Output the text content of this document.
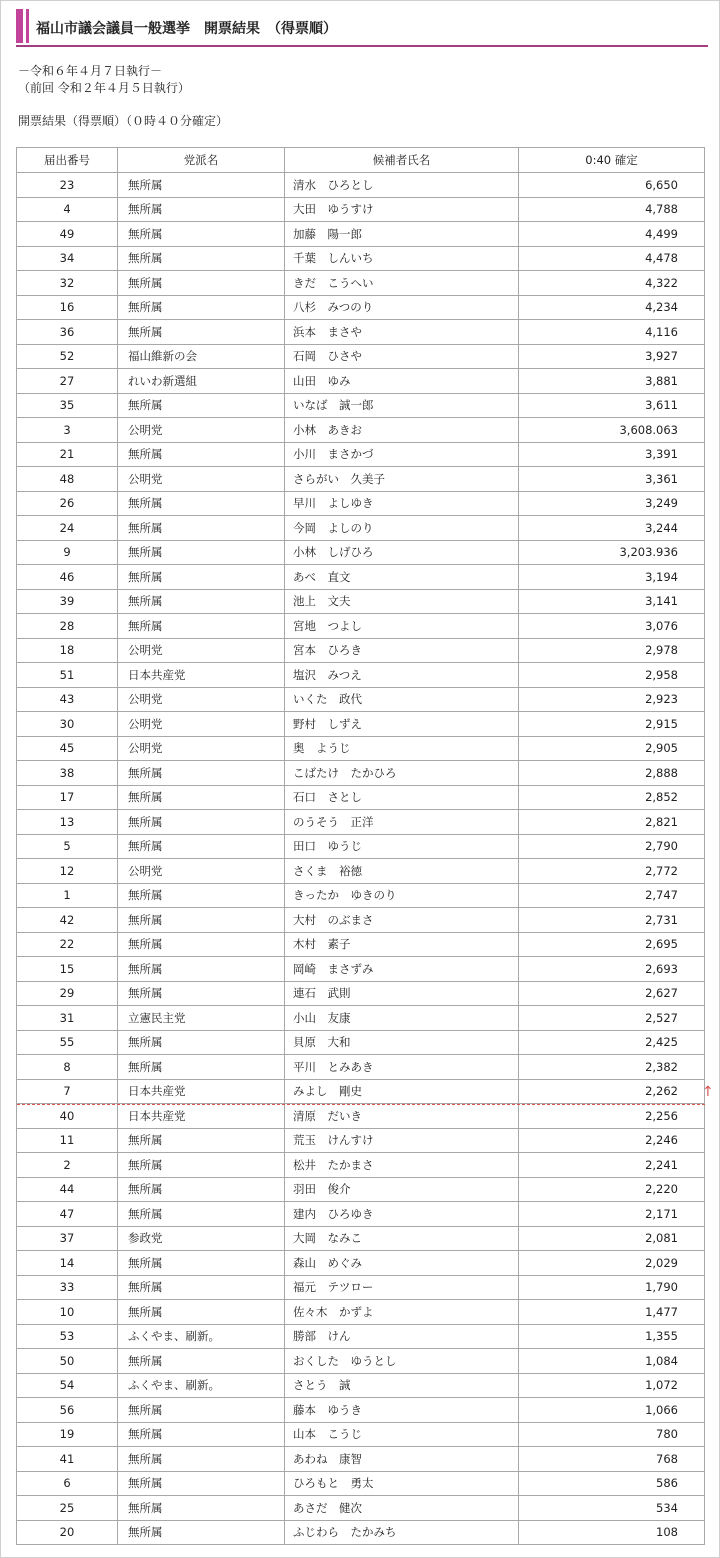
福山市議会議員一般選挙　開票結果　（得票順）
－令和６年４月７日執行－
（前回 令和２年４月５日執行）
開票結果（得票順）（０時４０分確定）
届出番号	党派名	候補者氏名	0:40 確定
23	無所属	清水　ひろとし	6,650
4	無所属	大田　ゆうすけ	4,788
49	無所属	加藤　陽一郎	4,499
34	無所属	千葉　しんいち	4,478
32	無所属	きだ　こうへい	4,322
16	無所属	八杉　みつのり	4,234
36	無所属	浜本　まさや	4,116
52	福山維新の会	石岡　ひさや	3,927
27	れいわ新選組	山田　ゆみ	3,881
35	無所属	いなば　誠一郎	3,611
3	公明党	小林　あきお	3,608.063
21	無所属	小川　まさかづ	3,391
48	公明党	さらがい　久美子	3,361
26	無所属	早川　よしゆき	3,249
24	無所属	今岡　よしのり	3,244
9	無所属	小林　しげひろ	3,203.936
46	無所属	あべ　直文	3,194
39	無所属	池上　文夫	3,141
28	無所属	宮地　つよし	3,076
18	公明党	宮本　ひろき	2,978
51	日本共産党	塩沢　みつえ	2,958
43	公明党	いくた　政代	2,923
30	公明党	野村　しずえ	2,915
45	公明党	奥　ようじ	2,905
38	無所属	こばたけ　たかひろ	2,888
17	無所属	石口　さとし	2,852
13	無所属	のうそう　正洋	2,821
5	無所属	田口　ゆうじ	2,790
12	公明党	さくま　裕徳	2,772
1	無所属	きったか　ゆきのり	2,747
42	無所属	大村　のぶまさ	2,731
22	無所属	木村　素子	2,695
15	無所属	岡崎　まさずみ	2,693
29	無所属	連石　武則	2,627
31	立憲民主党	小山　友康	2,527
55	無所属	貝原　大和	2,425
8	無所属	平川　とみあき	2,382
7	日本共産党	みよし　剛史	2,262
40	日本共産党	清原　だいき	2,256
11	無所属	荒玉　けんすけ	2,246
2	無所属	松井　たかまさ	2,241
44	無所属	羽田　俊介	2,220
47	無所属	建内　ひろゆき	2,171
37	参政党	大岡　なみこ	2,081
14	無所属	森山　めぐみ	2,029
33	無所属	福元　テツロー	1,790
10	無所属	佐々木　かずよ	1,477
53	ふくやま、刷新。	勝部　けん	1,355
50	無所属	おくした　ゆうとし	1,084
54	ふくやま、刷新。	さとう　誠	1,072
56	無所属	藤本　ゆうき	1,066
19	無所属	山本　こうじ	780
41	無所属	あわね　康智	768
6	無所属	ひろもと　勇太	586
25	無所属	あさだ　健次	534
20	無所属	ふじわら　たかみち	108
↑
